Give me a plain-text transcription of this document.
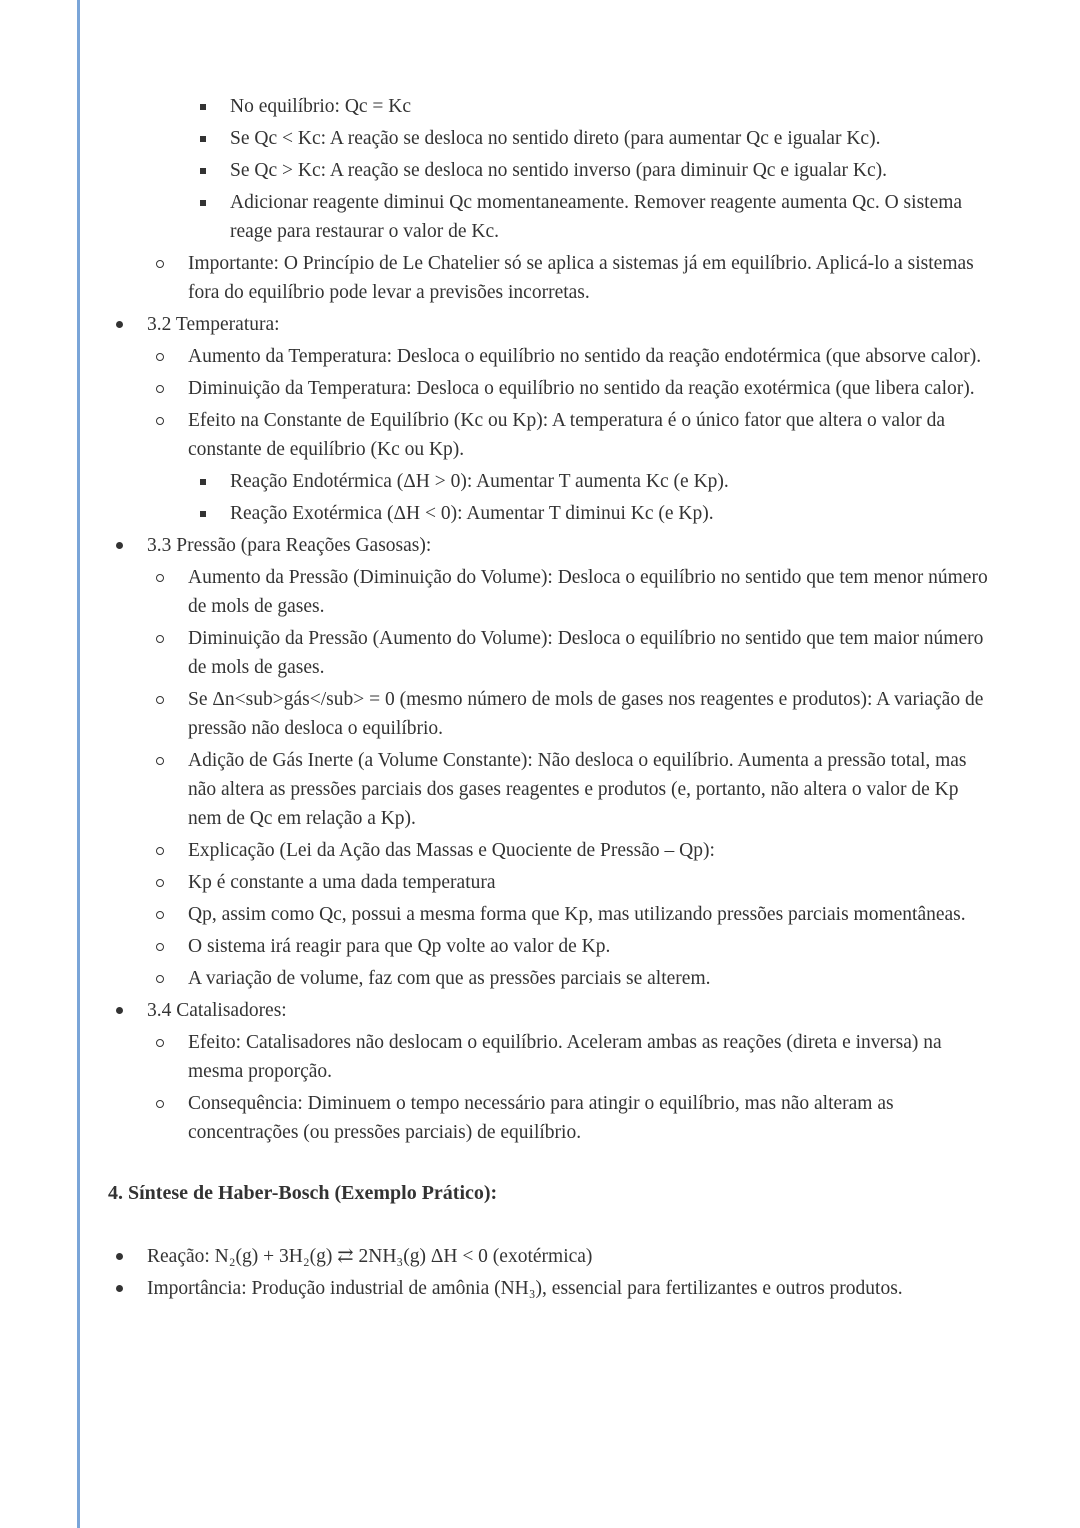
No equilíbrio: Qc = Kc
Se Qc < Kc: A reação se desloca no sentido direto (para aumentar Qc e igualar Kc).
Se Qc > Kc: A reação se desloca no sentido inverso (para diminuir Qc e igualar Kc).
Adicionar reagente diminui Qc momentaneamente. Remover reagente aumenta Qc. O sistema reage para restaurar o valor de Kc.
Importante: O Princípio de Le Chatelier só se aplica a sistemas já em equilíbrio. Aplicá-lo a sistemas fora do equilíbrio pode levar a previsões incorretas.
3.2 Temperatura:
Aumento da Temperatura: Desloca o equilíbrio no sentido da reação endotérmica (que absorve calor).
Diminuição da Temperatura: Desloca o equilíbrio no sentido da reação exotérmica (que libera calor).
Efeito na Constante de Equilíbrio (Kc ou Kp): A temperatura é o único fator que altera o valor da constante de equilíbrio (Kc ou Kp).
Reação Endotérmica (ΔH > 0): Aumentar T aumenta Kc (e Kp).
Reação Exotérmica (ΔH < 0): Aumentar T diminui Kc (e Kp).
3.3 Pressão (para Reações Gasosas):
Aumento da Pressão (Diminuição do Volume): Desloca o equilíbrio no sentido que tem menor número de mols de gases.
Diminuição da Pressão (Aumento do Volume): Desloca o equilíbrio no sentido que tem maior número de mols de gases.
Se Δn<sub>gás</sub> = 0 (mesmo número de mols de gases nos reagentes e produtos): A variação de pressão não desloca o equilíbrio.
Adição de Gás Inerte (a Volume Constante): Não desloca o equilíbrio. Aumenta a pressão total, mas não altera as pressões parciais dos gases reagentes e produtos (e, portanto, não altera o valor de Kp nem de Qc em relação a Kp).
Explicação (Lei da Ação das Massas e Quociente de Pressão – Qp):
Kp é constante a uma dada temperatura
Qp, assim como Qc, possui a mesma forma que Kp, mas utilizando pressões parciais momentâneas.
O sistema irá reagir para que Qp volte ao valor de Kp.
A variação de volume, faz com que as pressões parciais se alterem.
3.4 Catalisadores:
Efeito: Catalisadores não deslocam o equilíbrio. Aceleram ambas as reações (direta e inversa) na mesma proporção.
Consequência: Diminuem o tempo necessário para atingir o equilíbrio, mas não alteram as concentrações (ou pressões parciais) de equilíbrio.
4. Síntese de Haber-Bosch (Exemplo Prático):
Reação: N₂(g) + 3H₂(g) ⇄ 2NH₃(g) ΔH < 0 (exotérmica)
Importância: Produção industrial de amônia (NH₃), essencial para fertilizantes e outros produtos.
